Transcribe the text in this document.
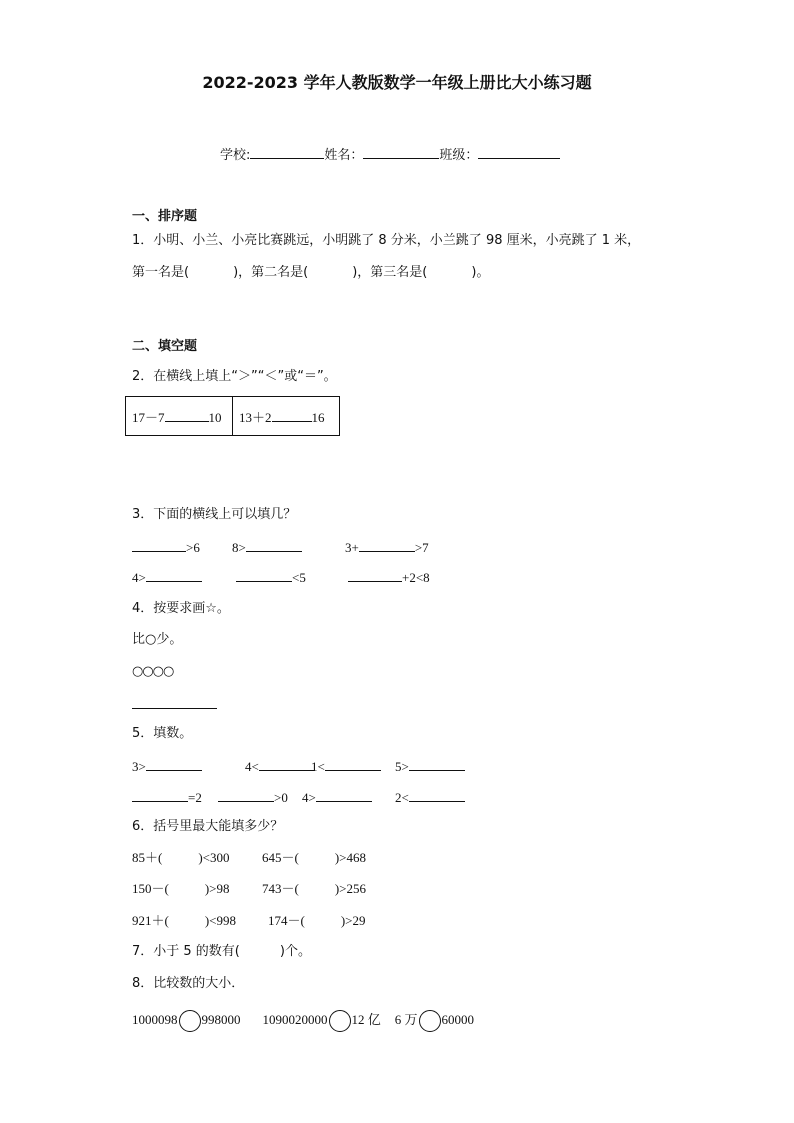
2022-2023 学年人教版数学一年级上册比大小练习题
学校:	姓名：	班级：
一、排序题
1．小明、小兰、小亮比赛跳远，小明跳了 8 分米，小兰跳了 98 厘米，小亮跳了 1 米，
第一名是(	)，第二名是(	)，第三名是(	)。
二、填空题
2．在横线上填上“＞”“＜”或“＝”。
17－7	10	13＋2	16
3．下面的横线上可以填几？
>6 8>	3+	>7
4>	<5	+2<8
4．按要求画☆。
比○少。
○○○○
5．填数。
3>	4<	1<	5>
=2	>0 4>	2<
6．括号里最大能填多少？
85＋(	)<300 645－(	)>468
150－(	)>98 743－(	)>256
921＋(	)<998 174－(	)>29
7．小于 5 的数有(	)个。
8．比较数的大小．
1000098 998000 1090020000 12 亿 6 万 60000
